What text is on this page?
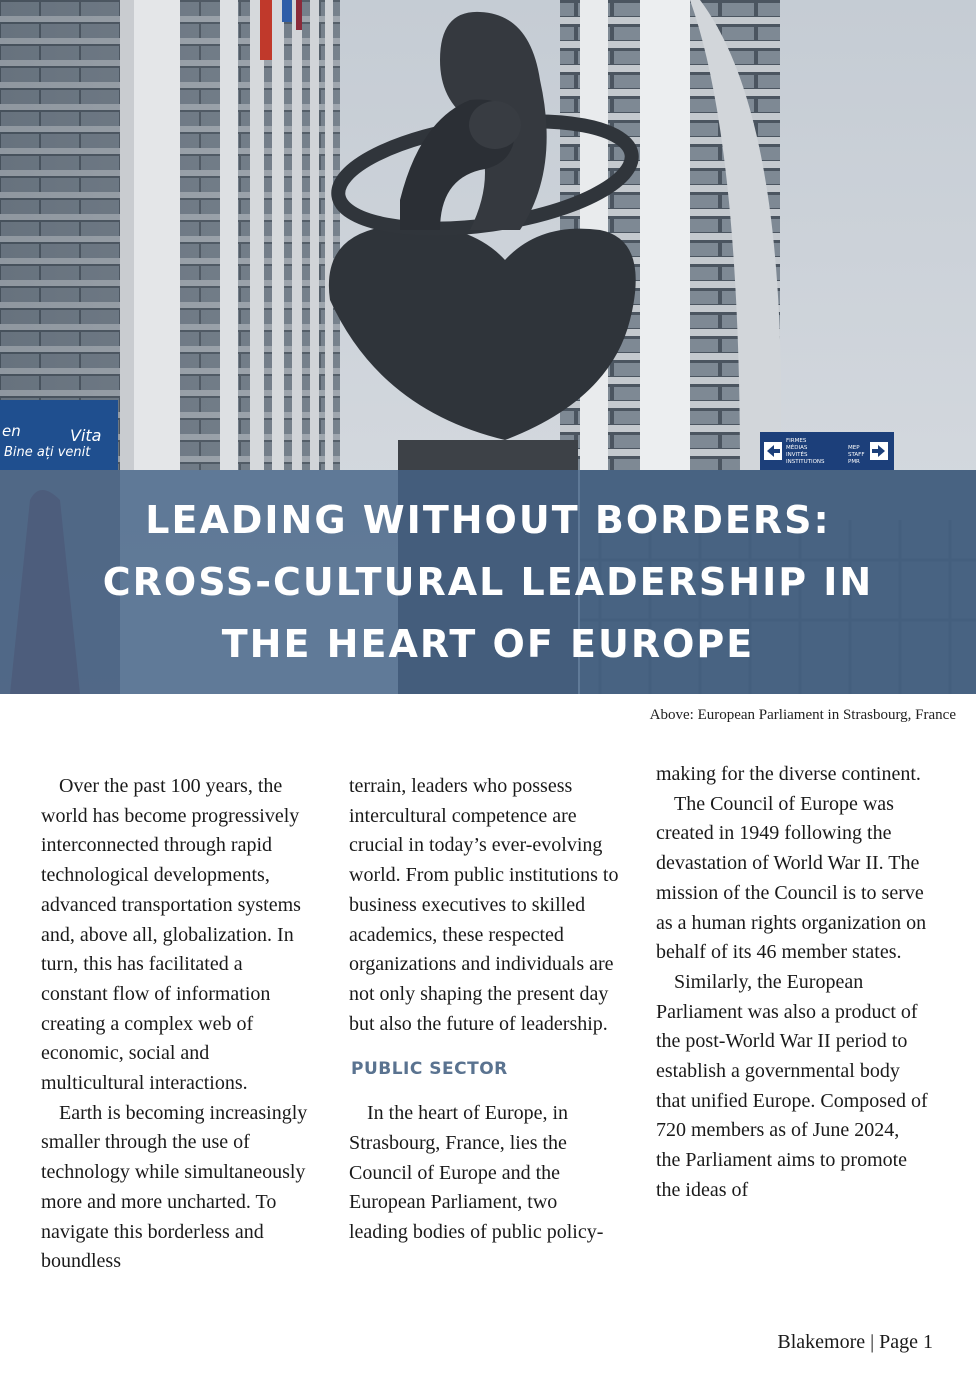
en	Vita
Bine ați venit
FIRMES
MÉDIAS
INVITÉS
INSTITUTIONS
MEP
STAFF
PMR
LEADING WITHOUT BORDERS:
CROSS-CULTURAL LEADERSHIP IN
THE HEART OF EUROPE
Above: European Parliament in Strasbourg, France

Over the past 100 years, the world has become progressively interconnected through rapid technological developments, advanced transportation systems and, above all, globalization. In turn, this has facilitated a constant flow of information creating a complex web of economic, social and multicultural interactions.

Earth is becoming increasingly smaller through the use of technology while simultaneously more and more uncharted. To navigate this borderless and boundless

terrain, leaders who possess intercultural competence are crucial in today’s ever-evolving world. From public institutions to business executives to skilled academics, these respected organizations and individuals are not only shaping the present day but also the future of leadership.

PUBLIC SECTOR

In the heart of Europe, in Strasbourg, France, lies the Council of Europe and the European Parliament, two leading bodies of public policy-

making for the diverse continent.

The Council of Europe was created in 1949 following the devastation of World War II. The mission of the Council is to serve as a human rights organization on behalf of its 46 member states.

Similarly, the European Parliament was also a product of the post-World War II period to establish a governmental body that unified Europe. Composed of 720 members as of June 2024, the Parliament aims to promote the ideas of

Blakemore | Page 1
